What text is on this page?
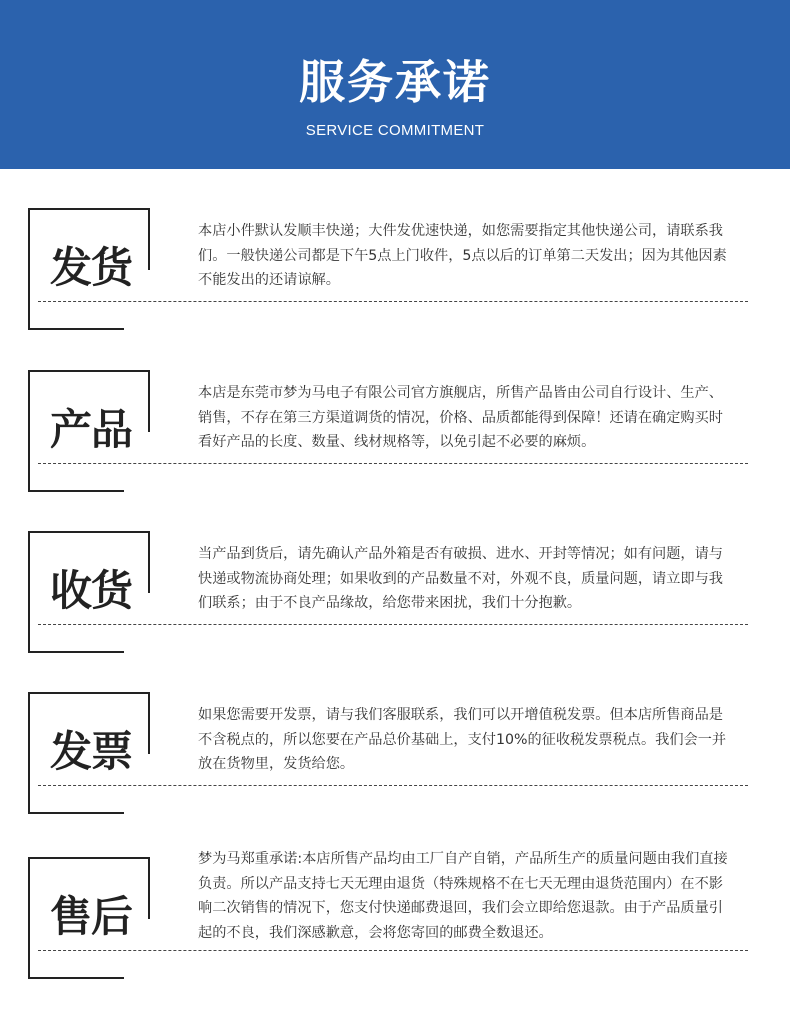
服务承诺
SERVICE COMMITMENT
发货
本店小件默认发顺丰快递；大件发优速快递，如您需要指定其他快递公司，请联系我们。一般快递公司都是下午5点上门收件，5点以后的订单第二天发出；因为其他因素不能发出的还请谅解。
产品
本店是东莞市梦为马电子有限公司官方旗舰店，所售产品皆由公司自行设计、生产、销售，不存在第三方渠道调货的情况，价格、品质都能得到保障！还请在确定购买时看好产品的长度、数量、线材规格等，以免引起不必要的麻烦。
收货
当产品到货后，请先确认产品外箱是否有破损、进水、开封等情况；如有问题，请与快递或物流协商处理；如果收到的产品数量不对，外观不良，质量问题，请立即与我们联系；由于不良产品缘故，给您带来困扰，我们十分抱歉。
发票
如果您需要开发票，请与我们客服联系，我们可以开增值税发票。但本店所售商品是不含税点的，所以您要在产品总价基础上，支付10%的征收税发票税点。我们会一并放在货物里，发货给您。
售后
梦为马郑重承诺:本店所售产品均由工厂自产自销，产品所生产的质量问题由我们直接负责。所以产品支持七天无理由退货（特殊规格不在七天无理由退货范围内）在不影响二次销售的情况下，您支付快递邮费退回，我们会立即给您退款。由于产品质量引起的不良，我们深感歉意，会将您寄回的邮费全数退还。
